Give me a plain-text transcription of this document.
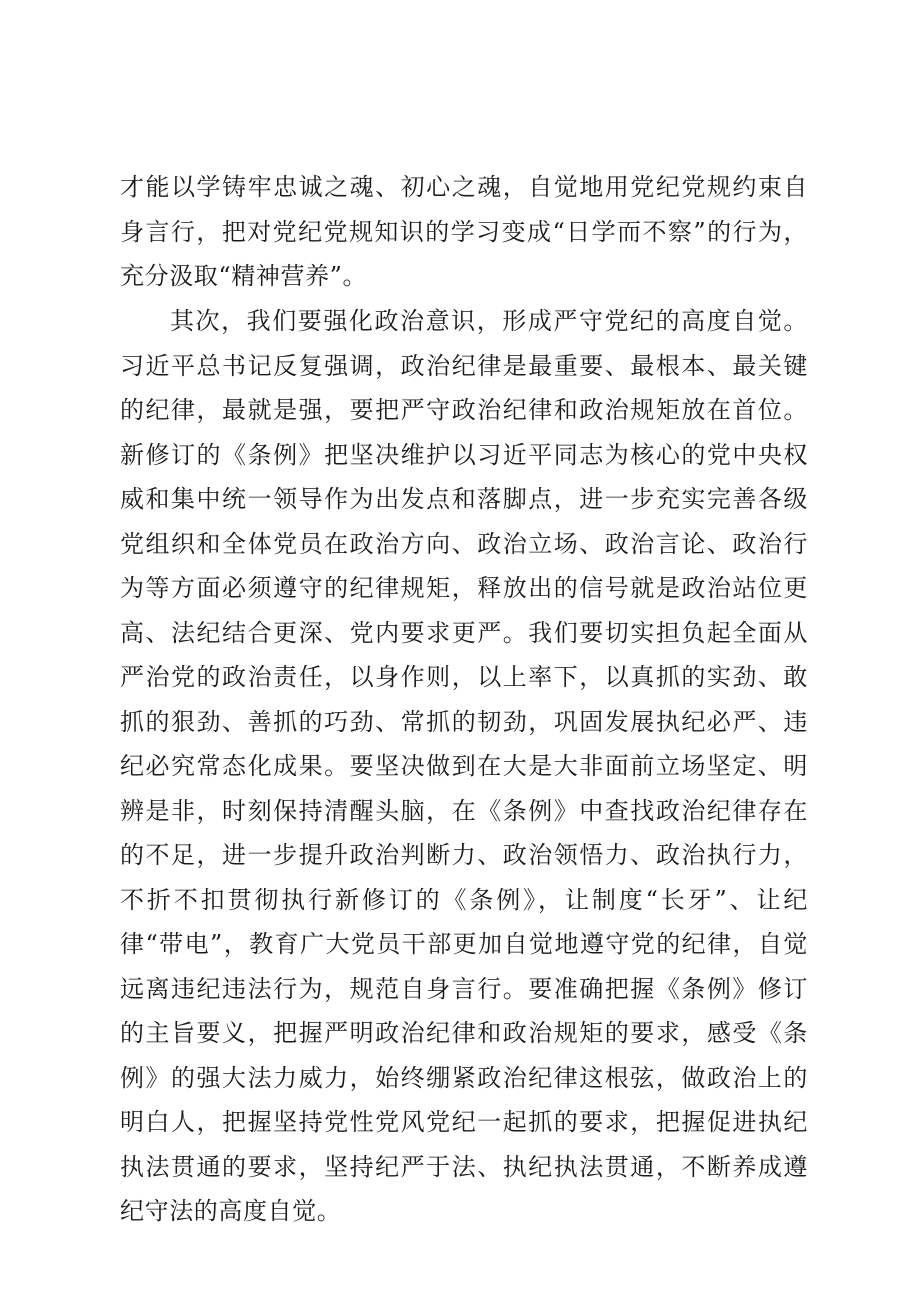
才能以学铸牢忠诚之魂、初心之魂，自觉地用党纪党规约束自身言行，把对党纪党规知识的学习变成“日学而不察”的行为，充分汲取“精神营养”。

其次，我们要强化政治意识，形成严守党纪的高度自觉。习近平总书记反复强调，政治纪律是最重要、最根本、最关键的纪律，最就是强，要把严守政治纪律和政治规矩放在首位。新修订的《条例》把坚决维护以习近平同志为核心的党中央权威和集中统一领导作为出发点和落脚点，进一步充实完善各级党组织和全体党员在政治方向、政治立场、政治言论、政治行为等方面必须遵守的纪律规矩，释放出的信号就是政治站位更高、法纪结合更深、党内要求更严。我们要切实担负起全面从严治党的政治责任，以身作则，以上率下，以真抓的实劲、敢抓的狠劲、善抓的巧劲、常抓的韧劲，巩固发展执纪必严、违纪必究常态化成果。要坚决做到在大是大非面前立场坚定、明辨是非，时刻保持清醒头脑，在《条例》中查找政治纪律存在的不足，进一步提升政治判断力、政治领悟力、政治执行力，不折不扣贯彻执行新修订的《条例》，让制度“长牙”、让纪律“带电”，教育广大党员干部更加自觉地遵守党的纪律，自觉远离违纪违法行为，规范自身言行。要准确把握《条例》修订的主旨要义，把握严明政治纪律和政治规矩的要求，感受《条例》的强大法力威力，始终绷紧政治纪律这根弦，做政治上的明白人，把握坚持党性党风党纪一起抓的要求，把握促进执纪执法贯通的要求，坚持纪严于法、执纪执法贯通，不断养成遵纪守法的高度自觉。
